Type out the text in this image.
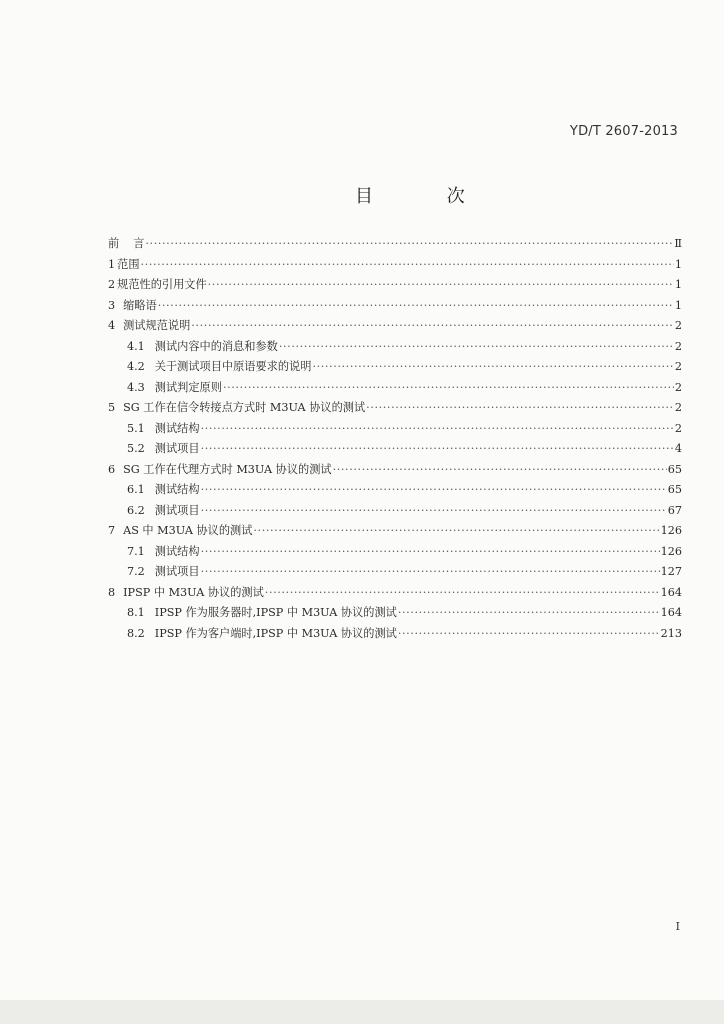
YD/T 2607-2013
目 次
前 言 ·····	Ⅱ
1 范围 ·····	1
2 规范性的引用文件 ·····	1
3 缩略语 ·····	1
4 测试规范说明 ·····	2
4.1 测试内容中的消息和参数 ·····	2
4.2 关于测试项目中原语要求的说明 ·····	2
4.3 测试判定原则 ·····	2
5 SG 工作在信令转接点方式时 M3UA 协议的测试 ·····	2
5.1 测试结构 ·····	2
5.2 测试项目 ·····	4
6 SG 工作在代理方式时 M3UA 协议的测试 ·····	65
6.1 测试结构 ·····	65
6.2 测试项目 ·····	67
7 AS 中 M3UA 协议的测试 ·····	126
7.1 测试结构 ·····	126
7.2 测试项目 ·····	127
8 IPSP 中 M3UA 协议的测试 ·····	164
8.1 IPSP 作为服务器时,IPSP 中 M3UA 协议的测试 ·····	164
8.2 IPSP 作为客户端时,IPSP 中 M3UA 协议的测试 ·····	213
I
